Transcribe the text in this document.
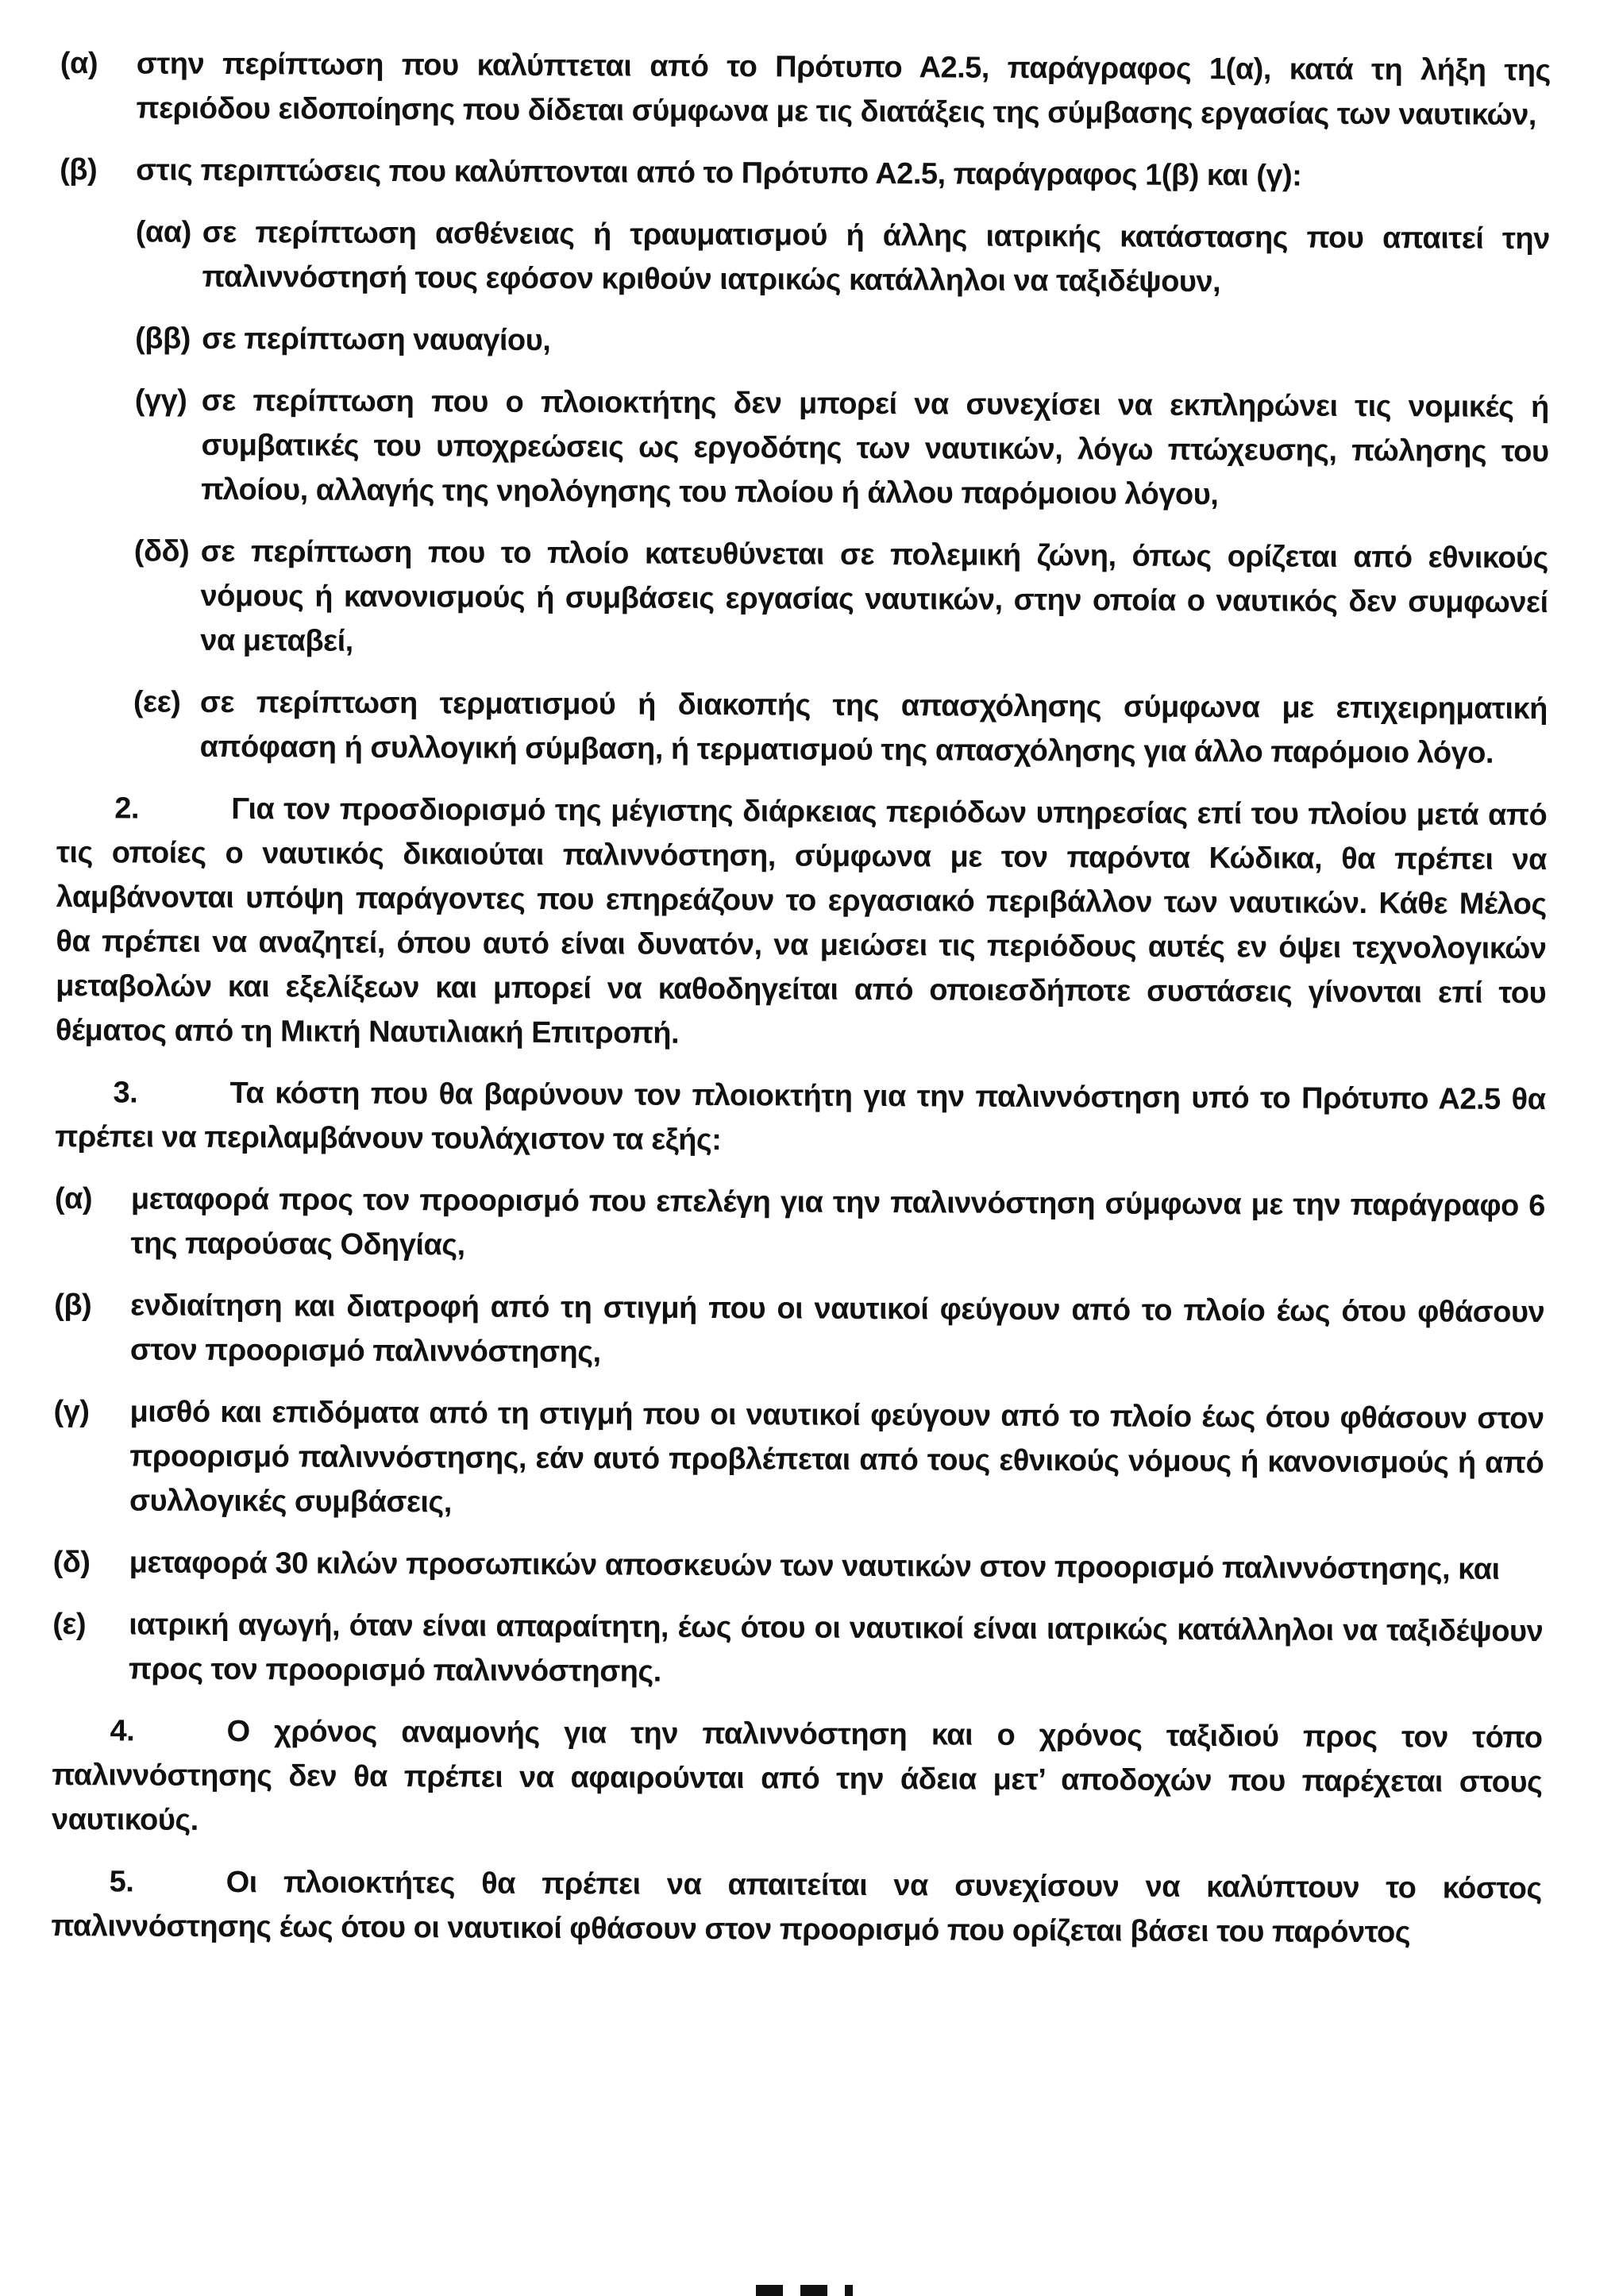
(α)	στην περίπτωση που καλύπτεται από το Πρότυπο Α2.5, παράγραφος 1(α), κατά τη λήξη της περιόδου ειδοποίησης που δίδεται σύμφωνα με τις διατάξεις της σύμβασης εργασίας των ναυτικών,
(β)	στις περιπτώσεις που καλύπτονται από το Πρότυπο Α2.5, παράγραφος 1(β) και (γ):
(αα) σε περίπτωση ασθένειας ή τραυματισμού ή άλλης ιατρικής κατάστασης που απαιτεί την παλιννόστησή τους εφόσον κριθούν ιατρικώς κατάλληλοι να ταξιδέψουν,
(ββ) σε περίπτωση ναυαγίου,
(γγ) σε περίπτωση που ο πλοιοκτήτης δεν μπορεί να συνεχίσει να εκπληρώνει τις νομικές ή συμβατικές του υποχρεώσεις ως εργοδότης των ναυτικών, λόγω πτώχευσης, πώλησης του πλοίου, αλλαγής της νηολόγησης του πλοίου ή άλλου παρόμοιου λόγου,
(δδ) σε περίπτωση που το πλοίο κατευθύνεται σε πολεμική ζώνη, όπως ορίζεται από εθνικούς νόμους ή κανονισμούς ή συμβάσεις εργασίας ναυτικών, στην οποία ο ναυτικός δεν συμφωνεί να μεταβεί,
(εε) σε περίπτωση τερματισμού ή διακοπής της απασχόλησης σύμφωνα με επιχειρηματική απόφαση ή συλλογική σύμβαση, ή τερματισμού της απασχόλησης για άλλο παρόμοιο λόγο.

2.	Για τον προσδιορισμό της μέγιστης διάρκειας περιόδων υπηρεσίας επί του πλοίου μετά από τις οποίες ο ναυτικός δικαιούται παλιννόστηση, σύμφωνα με τον παρόντα Κώδικα, θα πρέπει να λαμβάνονται υπόψη παράγοντες που επηρεάζουν το εργασιακό περιβάλλον των ναυτικών. Κάθε Μέλος θα πρέπει να αναζητεί, όπου αυτό είναι δυνατόν, να μειώσει τις περιόδους αυτές εν όψει τεχνολογικών μεταβολών και εξελίξεων και μπορεί να καθοδηγείται από οποιεσδήποτε συστάσεις γίνονται επί του θέματος από τη Μικτή Ναυτιλιακή Επιτροπή.

3.	Τα κόστη που θα βαρύνουν τον πλοιοκτήτη για την παλιννόστηση υπό το Πρότυπο Α2.5 θα πρέπει να περιλαμβάνουν τουλάχιστον τα εξής:

(α)	μεταφορά προς τον προορισμό που επελέγη για την παλιννόστηση σύμφωνα με την παράγραφο 6 της παρούσας Οδηγίας,
(β)	ενδιαίτηση και διατροφή από τη στιγμή που οι ναυτικοί φεύγουν από το πλοίο έως ότου φθάσουν στον προορισμό παλιννόστησης,
(γ)	μισθό και επιδόματα από τη στιγμή που οι ναυτικοί φεύγουν από το πλοίο έως ότου φθάσουν στον προορισμό παλιννόστησης, εάν αυτό προβλέπεται από τους εθνικούς νόμους ή κανονισμούς ή από συλλογικές συμβάσεις,
(δ)	μεταφορά 30 κιλών προσωπικών αποσκευών των ναυτικών στον προορισμό παλιννόστησης, και
(ε)	ιατρική αγωγή, όταν είναι απαραίτητη, έως ότου οι ναυτικοί είναι ιατρικώς κατάλληλοι να ταξιδέψουν προς τον προορισμό παλιννόστησης.

4.	Ο χρόνος αναμονής για την παλιννόστηση και ο χρόνος ταξιδιού προς τον τόπο παλιννόστησης δεν θα πρέπει να αφαιρούνται από την άδεια μετ’ αποδοχών που παρέχεται στους ναυτικούς.

5.	Οι πλοιοκτήτες θα πρέπει να απαιτείται να συνεχίσουν να καλύπτουν το κόστος παλιννόστησης έως ότου οι ναυτικοί φθάσουν στον προορισμό που ορίζεται βάσει του παρόντος
